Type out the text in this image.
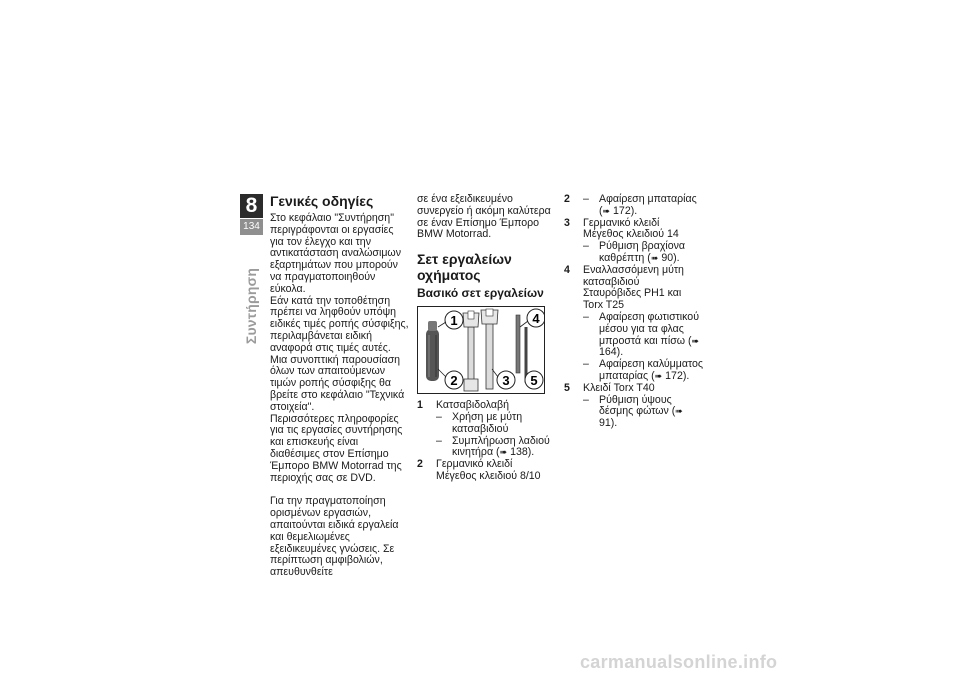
8
134
Συντήρηση
Γενικές οδηγίες

Στο κεφάλαιο "Συντήρηση" περιγράφονται οι εργασίες για τον έλεγχο και την αντικατάσταση αναλώσιμων εξαρτημάτων που μπορούν να πραγματοποιηθούν εύκολα.

Εάν κατά την τοποθέτηση πρέπει να ληφθούν υπόψη ειδικές τιμές ροπής σύσφιξης, περιλαμβάνεται ειδική αναφορά στις τιμές αυτές. Μια συνοπτική παρουσίαση όλων των απαιτούμενων τιμών ροπής σύσφιξης θα βρείτε στο κεφάλαιο "Τεχνικά στοιχεία".

Περισσότερες πληροφορίες για τις εργασίες συντήρησης και επισκευής είναι διαθέσιμες στον Επίσημο Έμπορο BMW Motorrad της περιοχής σας σε DVD.

Για την πραγματοποίηση ορισμένων εργασιών, απαιτούνται ειδικά εργαλεία και θεμελιωμένες εξειδικευμένες γνώσεις. Σε περίπτωση αμφιβολιών, απευθυνθείτε

σε ένα εξειδικευμένο συνεργείο ή ακόμη καλύτερα σε έναν Επίσημο Έμπορο BMW Motorrad.

Σετ εργαλείων οχήματος
Βασικό σετ εργαλείων
1
2	3
4
5
1 Κατσαβιδολαβή
– Χρήση με μύτη κατσαβιδιού
– Συμπλήρωση λαδιού κινητήρα (➠ 138).
2 Γερμανικό κλειδί
Μέγεθος κλειδιού 8/10
2 – Αφαίρεση μπαταρίας (➠ 172).
3 Γερμανικό κλειδί
Μέγεθος κλειδιού 14
– Ρύθμιση βραχίονα καθρέπτη (➠ 90).
4 Εναλλασσόμενη μύτη κατσαβιδιού
Σταυρόβιδες PH1 και Torx T25
– Αφαίρεση φωτιστικού μέσου για τα φλας μπροστά και πίσω (➠ 164).
– Αφαίρεση καλύμματος μπαταρίας (➠ 172).
5 Κλειδί Torx T40
– Ρύθμιση ύψους δέσμης φώτων (➠ 91).
carmanualsonline.info
